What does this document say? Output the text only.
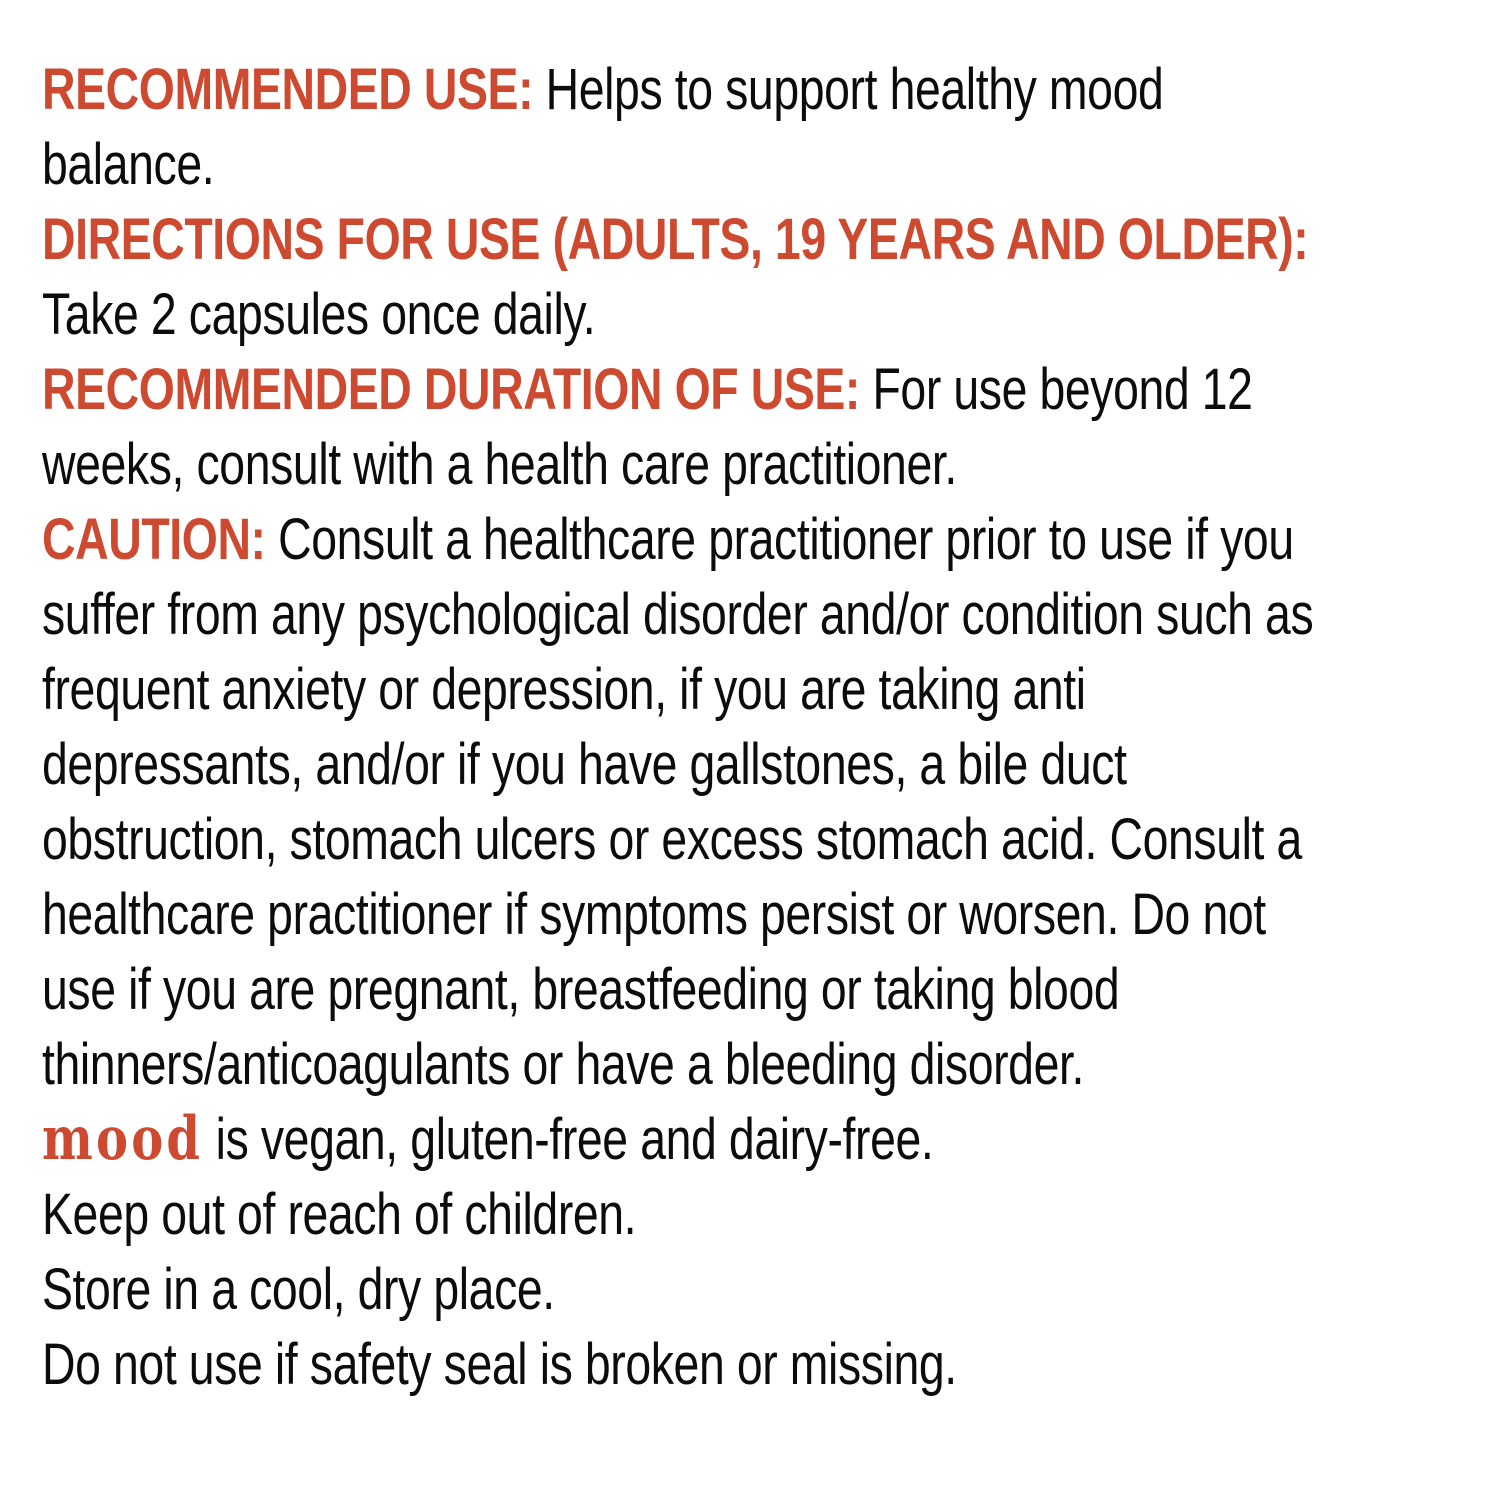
RECOMMENDED USE: Helps to support healthy mood
balance.
DIRECTIONS FOR USE (ADULTS, 19 YEARS AND OLDER):
Take 2 capsules once daily.
RECOMMENDED DURATION OF USE: For use beyond 12
weeks, consult with a health care practitioner.
CAUTION: Consult a healthcare practitioner prior to use if you
suffer from any psychological disorder and/or condition such as
frequent anxiety or depression, if you are taking anti
depressants, and/or if you have gallstones, a bile duct
obstruction, stomach ulcers or excess stomach acid. Consult a
healthcare practitioner if symptoms persist or worsen. Do not
use if you are pregnant, breastfeeding or taking blood
thinners/anticoagulants or have a bleeding disorder.
mood is vegan, gluten-free and dairy-free.
Keep out of reach of children.
Store in a cool, dry place.
Do not use if safety seal is broken or missing.
